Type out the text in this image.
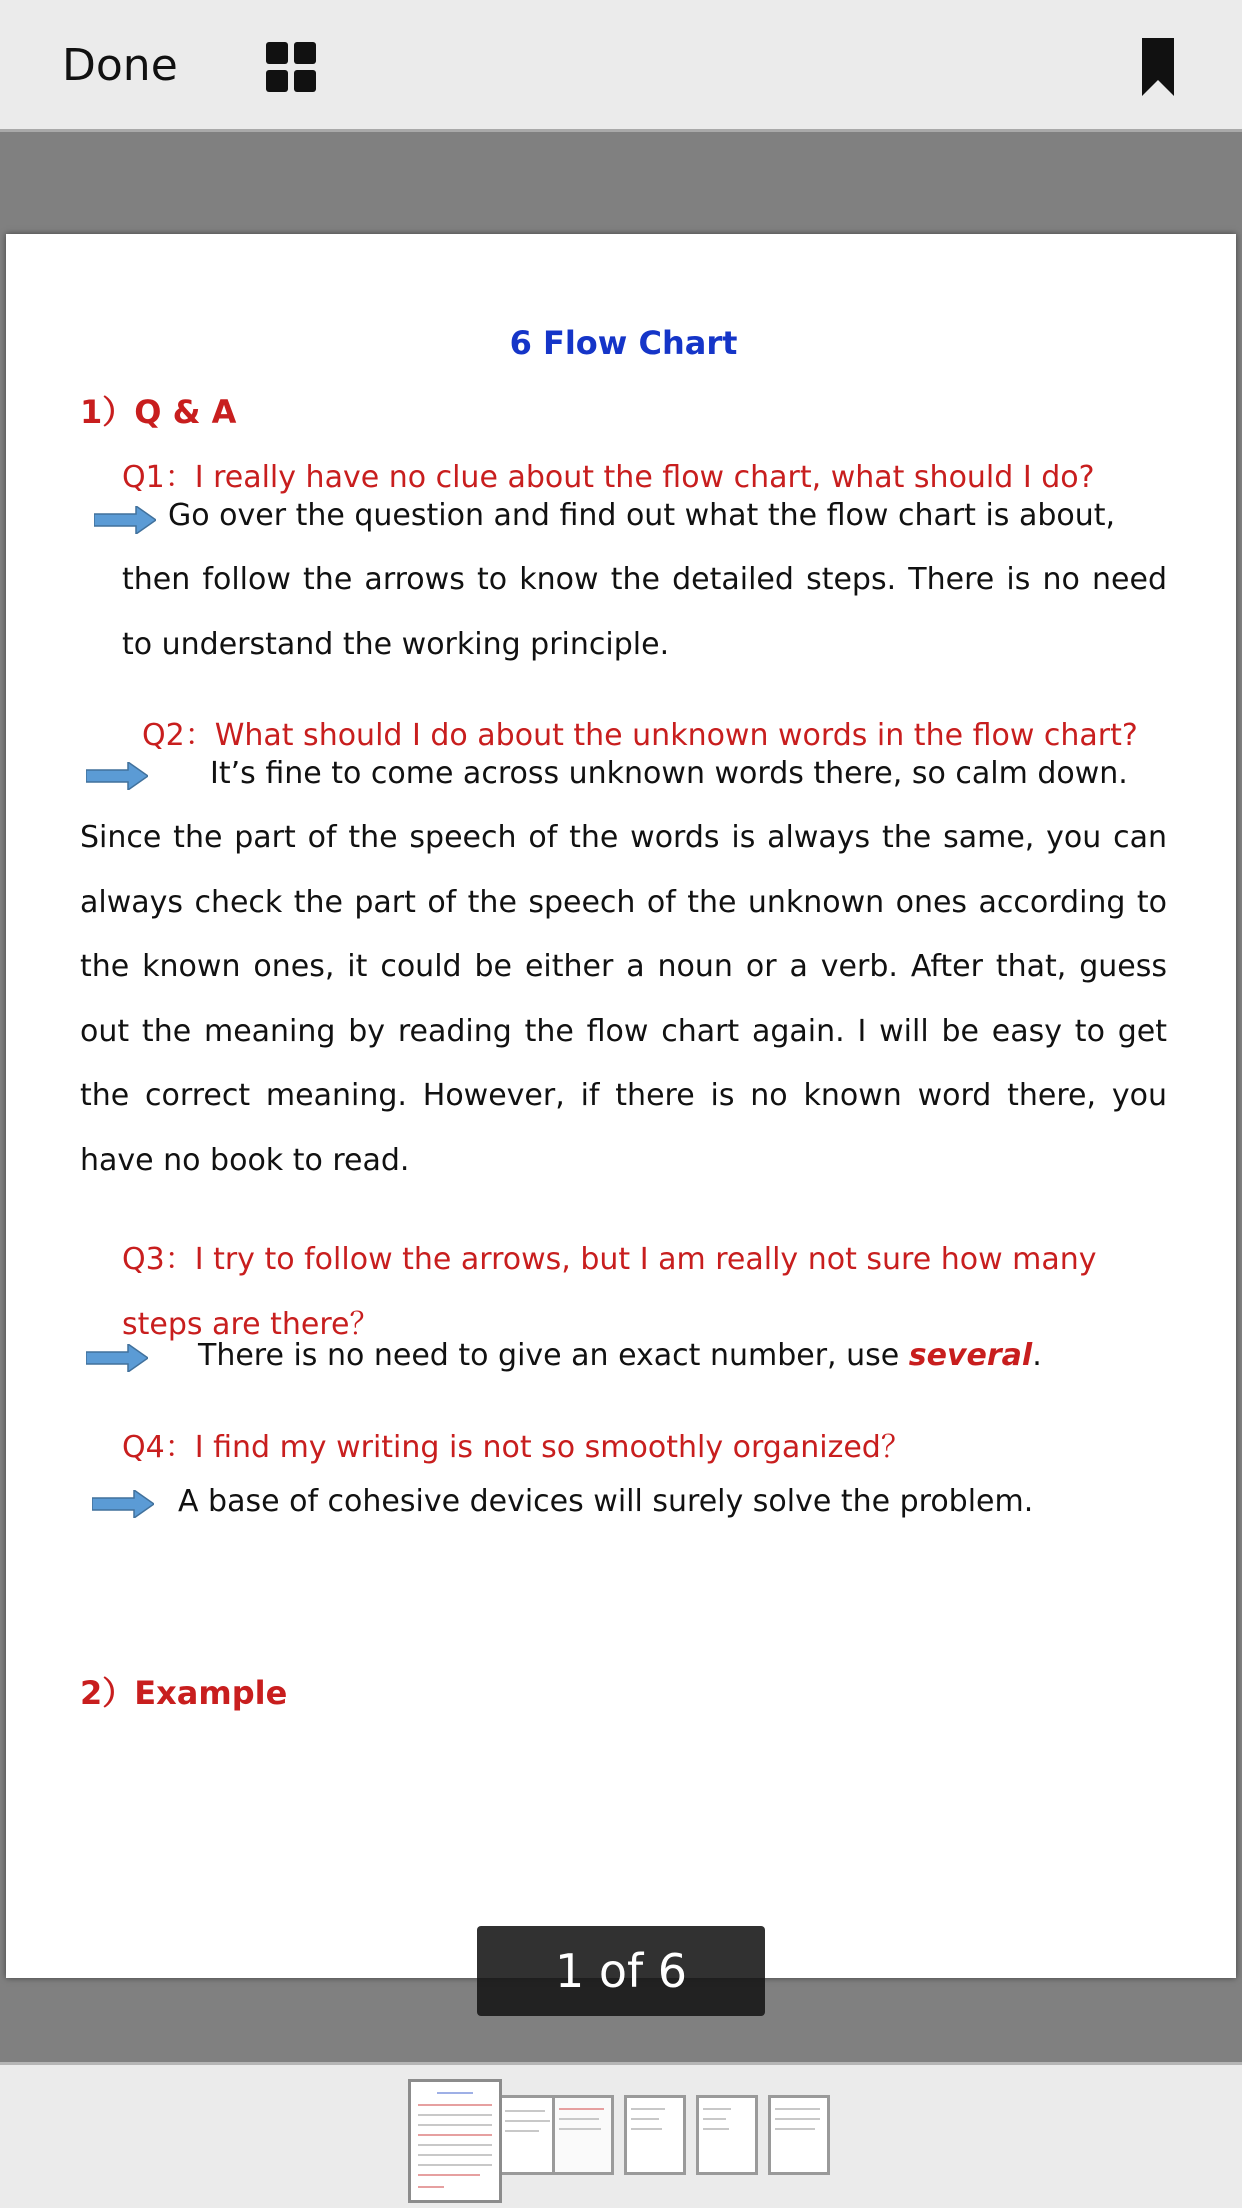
Done
6 Flow Chart
1）Q & A
Q1：I really have no clue about the flow chart, what should I do?
Go over the question and find out what the flow chart is about,
then follow the arrows to know the detailed steps. There is no need to understand the working principle.
Q2：What should I do about the unknown words in the flow chart?
It’s fine to come across unknown words there, so calm down.
Since the part of the speech of the words is always the same, you can always check the part of the speech of the unknown ones according to the known ones, it could be either a noun or a verb. After that, guess out the meaning by reading the flow chart again. I will be easy to get the correct meaning. However, if there is no known word there, you have no book to read.
Q3：I try to follow the arrows, but I am really not sure how many steps are there？
There is no need to give an exact number, use several.
Q4：I find my writing is not so smoothly organized？
A base of cohesive devices will surely solve the problem.
2）Example
1 of 6
